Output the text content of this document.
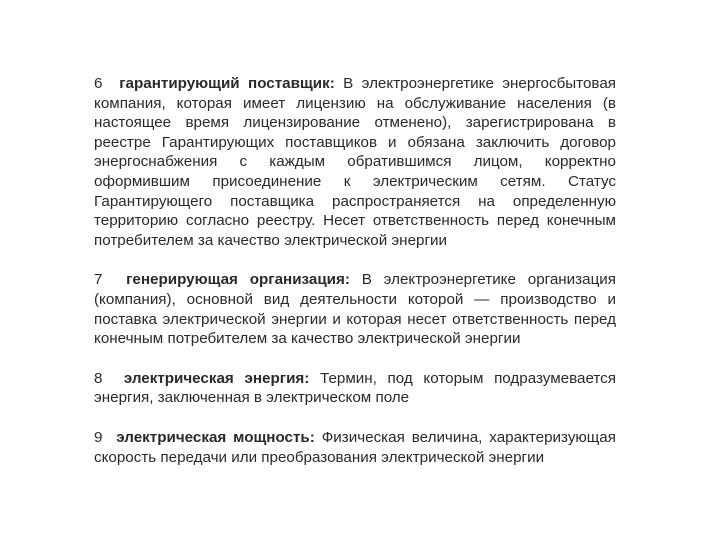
6 гарантирующий поставщик: В электроэнергетике энергосбытовая компания, которая имеет лицензию на обслуживание населения (в настоящее время лицензирование отменено), зарегистрирована в реестре Гарантирующих поставщиков и обязана заключить договор энергоснабжения с каждым обратившимся лицом, корректно оформившим присоединение к электрическим сетям. Статус Гарантирующего поставщика распространяется на определенную территорию согласно реестру. Несет ответственность перед конечным потребителем за качество электрической энергии

7 генерирующая организация: В электроэнергетике организация (компания), основной вид деятельности которой — производство и поставка электрической энергии и которая несет ответственность перед конечным потребителем за качество электрической энергии

8 электрическая энергия: Термин, под которым подразумевается энергия, заключенная в электрическом поле

9 электрическая мощность: Физическая величина, характеризующая скорость передачи или преобразования электрической энергии
